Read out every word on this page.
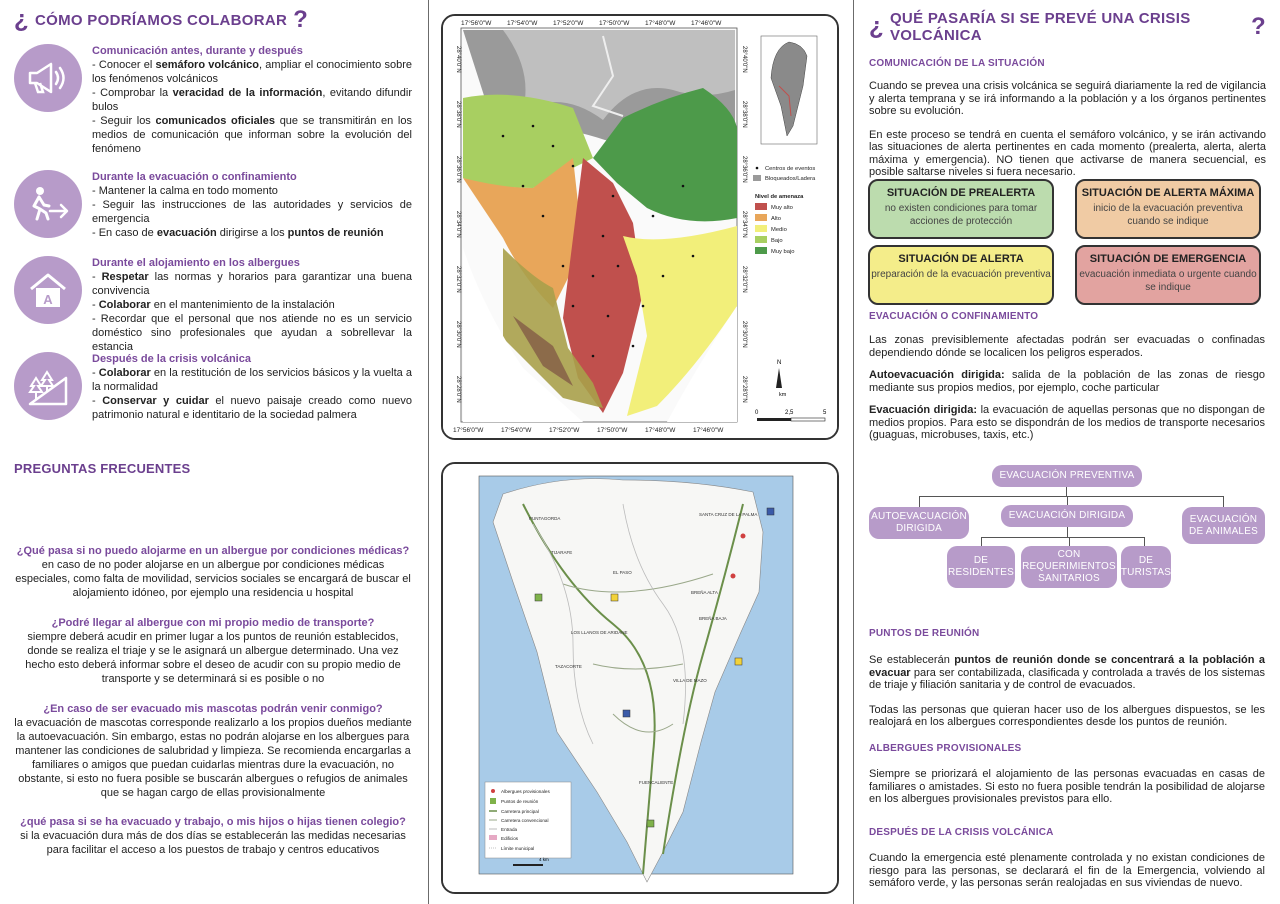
¿ CÓMO PODRÍAMOS COLABORAR ?
Comunicación antes, durante y después
- Conocer el semáforo volcánico, ampliar el conocimiento sobre los fenómenos volcánicos
- Comprobar la veracidad de la información, evitando difundir bulos
- Seguir los comunicados oficiales que se transmitirán en los medios de comunicación que informan sobre la evolución del fenómeno
Durante la evacuación o confinamiento
- Mantener la calma en todo momento
- Seguir las instrucciones de las autoridades y servicios de emergencia
- En caso de evacuación dirigirse a los puntos de reunión
A
Durante el alojamiento en los albergues
- Respetar las normas y horarios para garantizar una buena convivencia
- Colaborar en el mantenimiento de la instalación
- Recordar que el personal que nos atiende no es un servicio doméstico sino profesionales que ayudan a sobrellevar la estancia
Después de la crisis volcánica
- Colaborar en la restitución de los servicios básicos y la vuelta a la normalidad
- Conservar y cuidar el nuevo paisaje creado como nuevo patrimonio natural e identitario de la sociedad palmera
PREGUNTAS FRECUENTES
¿Qué pasa si no puedo alojarme en un albergue por condiciones médicas?
en caso de no poder alojarse en un albergue por condiciones médicas especiales, como falta de movilidad, servicios sociales se encargará de buscar el alojamiento idóneo, por ejemplo una residencia u hospital
¿Podré llegar al albergue con mi propio medio de transporte?
siempre deberá acudir en primer lugar a los puntos de reunión establecidos, donde se realiza el triaje y se le asignará un albergue determinado. Una vez hecho esto deberá informar sobre el deseo de acudir con su propio medio de transporte y se determinará si es posible o no
¿En caso de ser evacuado mis mascotas podrán venir conmigo?
la evacuación de mascotas corresponde realizarlo a los propios dueños mediante la autoevacuación. Sin embargo, estas no podrán alojarse en los albergues para mantener las condiciones de salubridad y limpieza. Se recomienda encargarlas a familiares o amigos que puedan cuidarlas mientras dure la evacuación, no obstante, si esto no fuera posible se buscarán albergues o refugios de animales que se hagan cargo de ellas provisionalmente
¿qué pasa si se ha evacuado y trabajo, o mis hijos o hijas tienen colegio?
si la evacuación dura más de dos días se establecerán las medidas necesarias para facilitar el acceso a los puestos de trabajo y centros educativos
17°56'0"W 17°54'0"W 17°52'0"W 17°50'0"W 17°48'0"W 17°46'0"W
17°56'0"W	17°54'0"W	17°52'0"W	17°50'0"W	17°48'0"W	17°46'0"W
28°40'0"N
28°38'0"N
28°36'0"N
28°34'0"N
28°32'0"N
28°30'0"N
28°28'0"N
28°40'0"N
28°38'0"N
28°36'0"N
28°34'0"N
28°32'0"N
28°30'0"N
28°28'0"N
Centros de eventos
Bloqueados/Ladera
Nivel de amenaza
Muy alto
Alto
Medio
Bajo
Muy bajo
N
km
0	2,5	5
SANTA CRUZ DE LA PALMA
BREÑA ALTA
BREÑA BAJA
EL PASO
LOS LLANOS DE ARIDANE
TAZACORTE
VILLA DE MAZO
FUENCALIENTE
PUNTAGORDA
TIJARAFE
Albergues provisionales
Puntos de reunión
Carretera principal
Carretera convencional
Entrada
Edificios
Límite municipal
4 km
¿ QUÉ PASARÍA SI SE PREVÉ UNA CRISIS VOLCÁNICA	?
COMUNICACIÓN DE LA SITUACIÓN

Cuando se prevea una crisis volcánica se seguirá diariamente la red de vigilancia y alerta temprana y se irá informando a la población y a los órganos pertinentes sobre su evolución.

En este proceso se tendrá en cuenta el semáforo volcánico, y se irán activando las situaciones de alerta pertinentes en cada momento (prealerta, alerta, alerta máxima y emergencia). NO tienen que activarse de manera secuencial, es posible saltarse niveles si fuera necesario.

SITUACIÓN DE PREALERTA
no existen condiciones para tomar acciones de protección
SITUACIÓN DE ALERTA MÁXIMA
inicio de la evacuación preventiva cuando se indique
SITUACIÓN DE ALERTA
preparación de la evacuación preventiva
SITUACIÓN DE EMERGENCIA
evacuación inmediata o urgente cuando se indique
EVACUACIÓN O CONFINAMIENTO

Las zonas previsiblemente afectadas podrán ser evacuadas o confinadas dependiendo dónde se localicen los peligros esperados.

Autoevacuación dirigida: salida de la población de las zonas de riesgo mediante sus propios medios, por ejemplo, coche particular

Evacuación dirigida: la evacuación de aquellas personas que no dispongan de medios propios. Para esto se dispondrán de los medios de transporte necesarios (guaguas, microbuses, taxis, etc.)

EVACUACIÓN PREVENTIVA
AUTOEVACUACIÓN DIRIGIDA
EVACUACIÓN DIRIGIDA	EVACUACIÓN DE ANIMALES
DE RESIDENTES
CON REQUERIMIENTOS SANITARIOS
DE TURISTAS
PUNTOS DE REUNIÓN

Se establecerán puntos de reunión donde se concentrará a la población a evacuar para ser contabilizada, clasificada y controlada a través de los sistemas de triaje y filiación sanitaria y de control de evacuados.

Todas las personas que quieran hacer uso de los albergues dispuestos, se les realojará en los albergues correspondientes desde los puntos de reunión.

ALBERGUES PROVISIONALES

Siempre se priorizará el alojamiento de las personas evacuadas en casas de familiares o amistades. Si esto no fuera posible tendrán la posibilidad de alojarse en los albergues provisionales previstos para ello.

DESPUÉS DE LA CRISIS VOLCÁNICA

Cuando la emergencia esté plenamente controlada y no existan condiciones de riesgo para las personas, se declarará el fin de la Emergencia, volviendo al semáforo verde, y las personas serán realojadas en sus viviendas de nuevo.
